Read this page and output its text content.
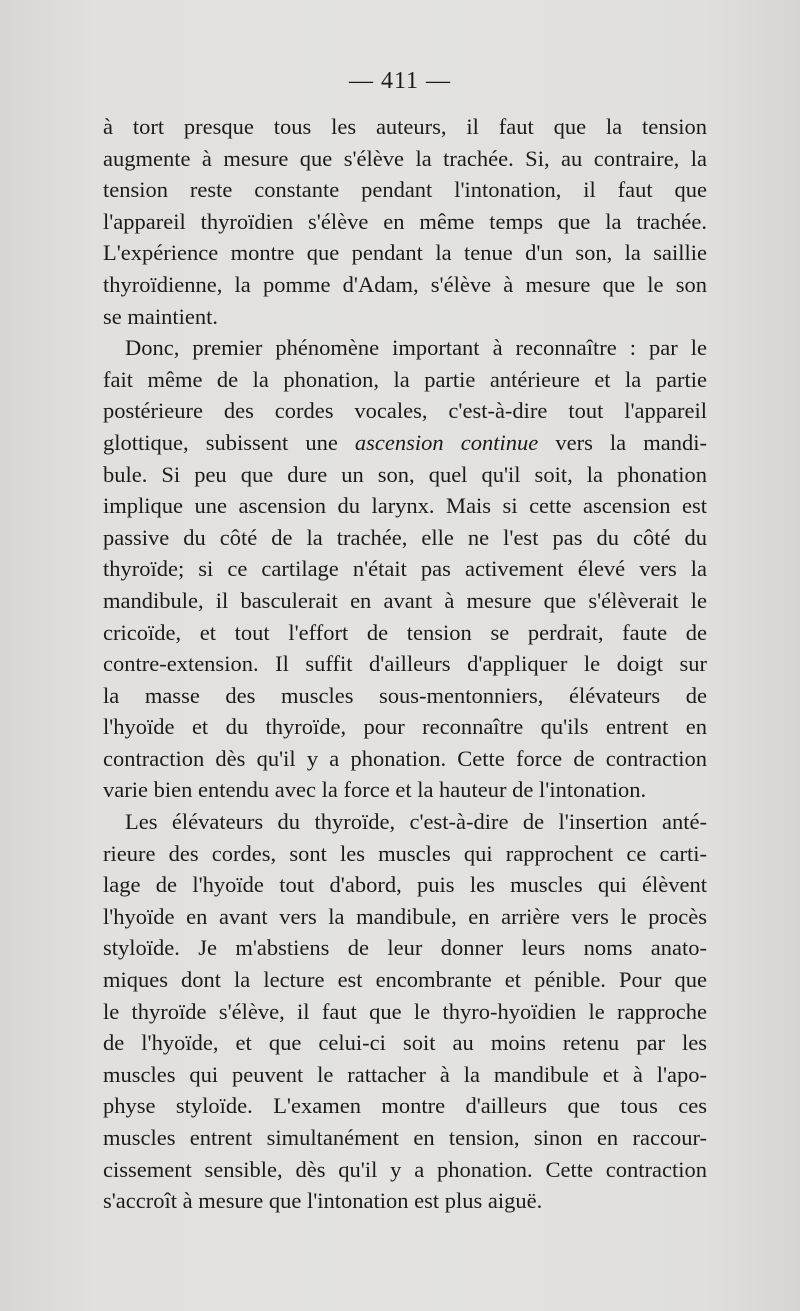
— 411 —
à tort presque tous les auteurs, il faut que la tension
augmente à mesure que s'élève la trachée. Si, au contraire, la
tension reste constante pendant l'intonation, il faut que
l'appareil thyroïdien s'élève en même temps que la trachée.
L'expérience montre que pendant la tenue d'un son, la saillie
thyroïdienne, la pomme d'Adam, s'élève à mesure que le son
se maintient.
Donc, premier phénomène important à reconnaître : par le
fait même de la phonation, la partie antérieure et la partie
postérieure des cordes vocales, c'est-à-dire tout l'appareil
glottique, subissent une ascension continue vers la mandi-
bule. Si peu que dure un son, quel qu'il soit, la phonation
implique une ascension du larynx. Mais si cette ascension est
passive du côté de la trachée, elle ne l'est pas du côté du
thyroïde; si ce cartilage n'était pas activement élevé vers la
mandibule, il basculerait en avant à mesure que s'élèverait le
cricoïde, et tout l'effort de tension se perdrait, faute de
contre-extension. Il suffit d'ailleurs d'appliquer le doigt sur
la masse des muscles sous-mentonniers, élévateurs de
l'hyoïde et du thyroïde, pour reconnaître qu'ils entrent en
contraction dès qu'il y a phonation. Cette force de contraction
varie bien entendu avec la force et la hauteur de l'intonation.
Les élévateurs du thyroïde, c'est-à-dire de l'insertion anté-
rieure des cordes, sont les muscles qui rapprochent ce carti-
lage de l'hyoïde tout d'abord, puis les muscles qui élèvent
l'hyoïde en avant vers la mandibule, en arrière vers le procès
styloïde. Je m'abstiens de leur donner leurs noms anato-
miques dont la lecture est encombrante et pénible. Pour que
le thyroïde s'élève, il faut que le thyro-hyoïdien le rapproche
de l'hyoïde, et que celui-ci soit au moins retenu par les
muscles qui peuvent le rattacher à la mandibule et à l'apo-
physe styloïde. L'examen montre d'ailleurs que tous ces
muscles entrent simultanément en tension, sinon en raccour-
cissement sensible, dès qu'il y a phonation. Cette contraction
s'accroît à mesure que l'intonation est plus aiguë.
